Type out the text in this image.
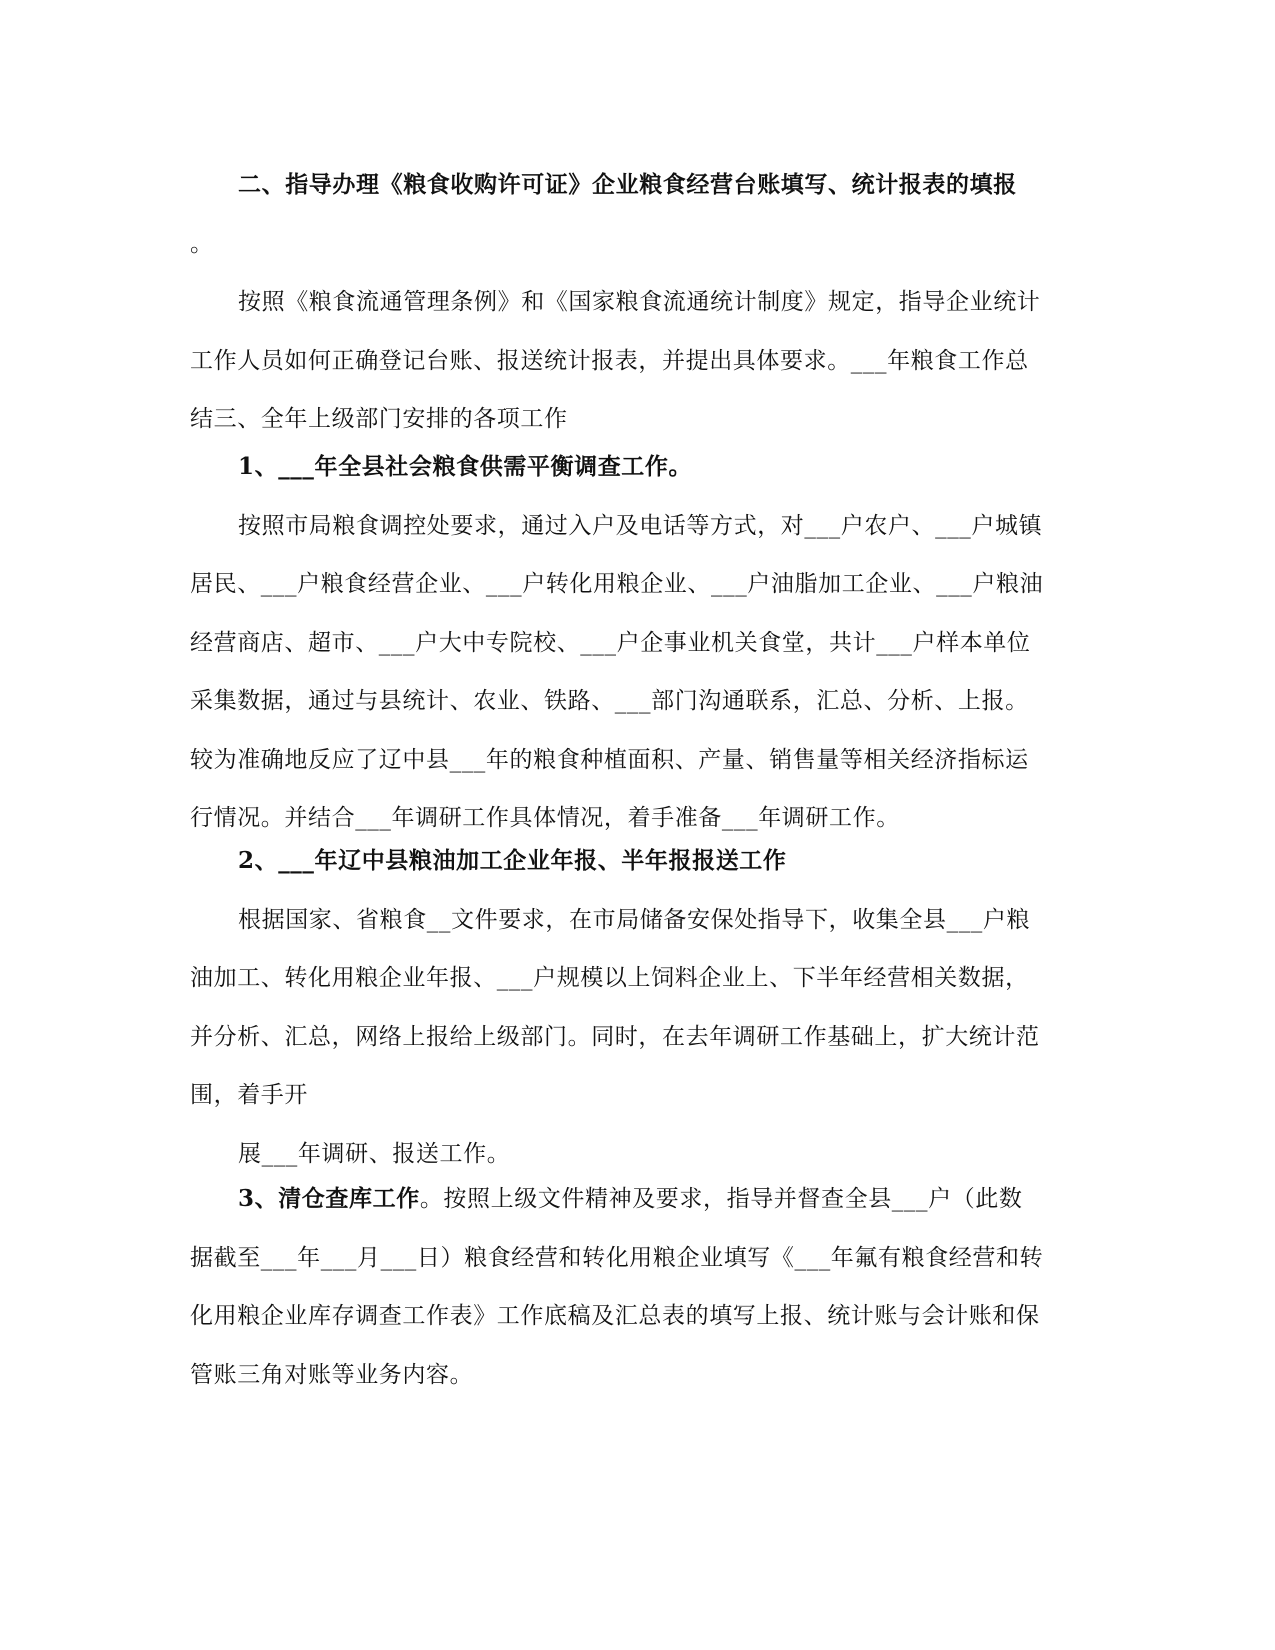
二、指导办理《粮食收购许可证》企业粮食经营台账填写、统计报表的填报
。
按照《粮食流通管理条例》和《国家粮食流通统计制度》规定，指导企业统计
工作人员如何正确登记台账、报送统计报表，并提出具体要求。___年粮食工作总
结三、全年上级部门安排的各项工作
1、___年全县社会粮食供需平衡调查工作。
按照市局粮食调控处要求，通过入户及电话等方式，对___户农户、___户城镇
居民、___户粮食经营企业、___户转化用粮企业、___户油脂加工企业、___户粮油
经营商店、超市、___户大中专院校、___户企事业机关食堂，共计___户样本单位
采集数据，通过与县统计、农业、铁路、___部门沟通联系，汇总、分析、上报。
较为准确地反应了辽中县___年的粮食种植面积、产量、销售量等相关经济指标运
行情况。并结合___年调研工作具体情况，着手准备___年调研工作。
2、___年辽中县粮油加工企业年报、半年报报送工作
根据国家、省粮食__文件要求，在市局储备安保处指导下，收集全县___户粮
油加工、转化用粮企业年报、___户规模以上饲料企业上、下半年经营相关数据，
并分析、汇总，网络上报给上级部门。同时，在去年调研工作基础上，扩大统计范
围，着手开
展___年调研、报送工作。
3、清仓查库工作。按照上级文件精神及要求，指导并督查全县___户（此数
据截至___年___月___日）粮食经营和转化用粮企业填写《___年氟有粮食经营和转
化用粮企业库存调查工作表》工作底稿及汇总表的填写上报、统计账与会计账和保
管账三角对账等业务内容。
